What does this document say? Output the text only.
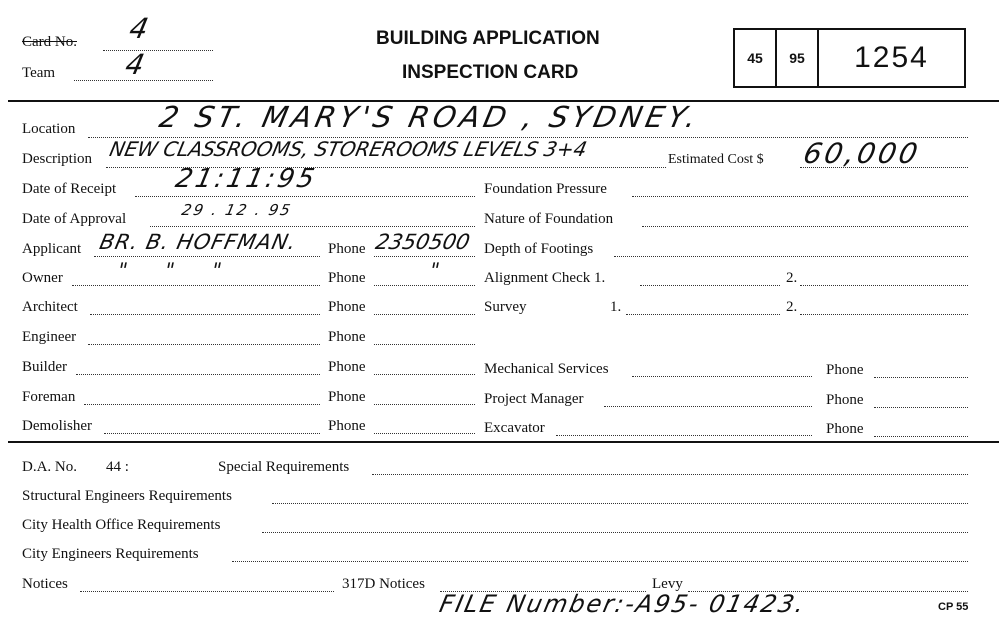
Card No. 4
Team 4
BUILDING APPLICATION
INSPECTION CARD
45	95	1254
Location	2 ST. MARY'S ROAD , SYDNEY.
Description NEW CLASSROOMS, STOREROOMS LEVELS 3+4	Estimated Cost $ 60,000
Date of Receipt 21:11:95	Foundation Pressure
Date of Approval	29 . 12 . 95	Nature of Foundation
Applicant BR. B. HOFFMAN. Phone 2350500 Depth of Footings
Owner	"     "     "	Phone	"	Alignment Check 1.	2.
Architect	Phone	Survey	1.	2.
Engineer	Phone
Builder	Phone	Mechanical Services	Phone
Foreman	Phone	Project Manager	Phone
Demolisher	Phone	Excavator	Phone
D.A. No. 44 :	Special Requirements
Structural Engineers Requirements
City Health Office Requirements
City Engineers Requirements
Notices	317D Notices	Levy
FILE Number:-A95- 01423.	CP 55
